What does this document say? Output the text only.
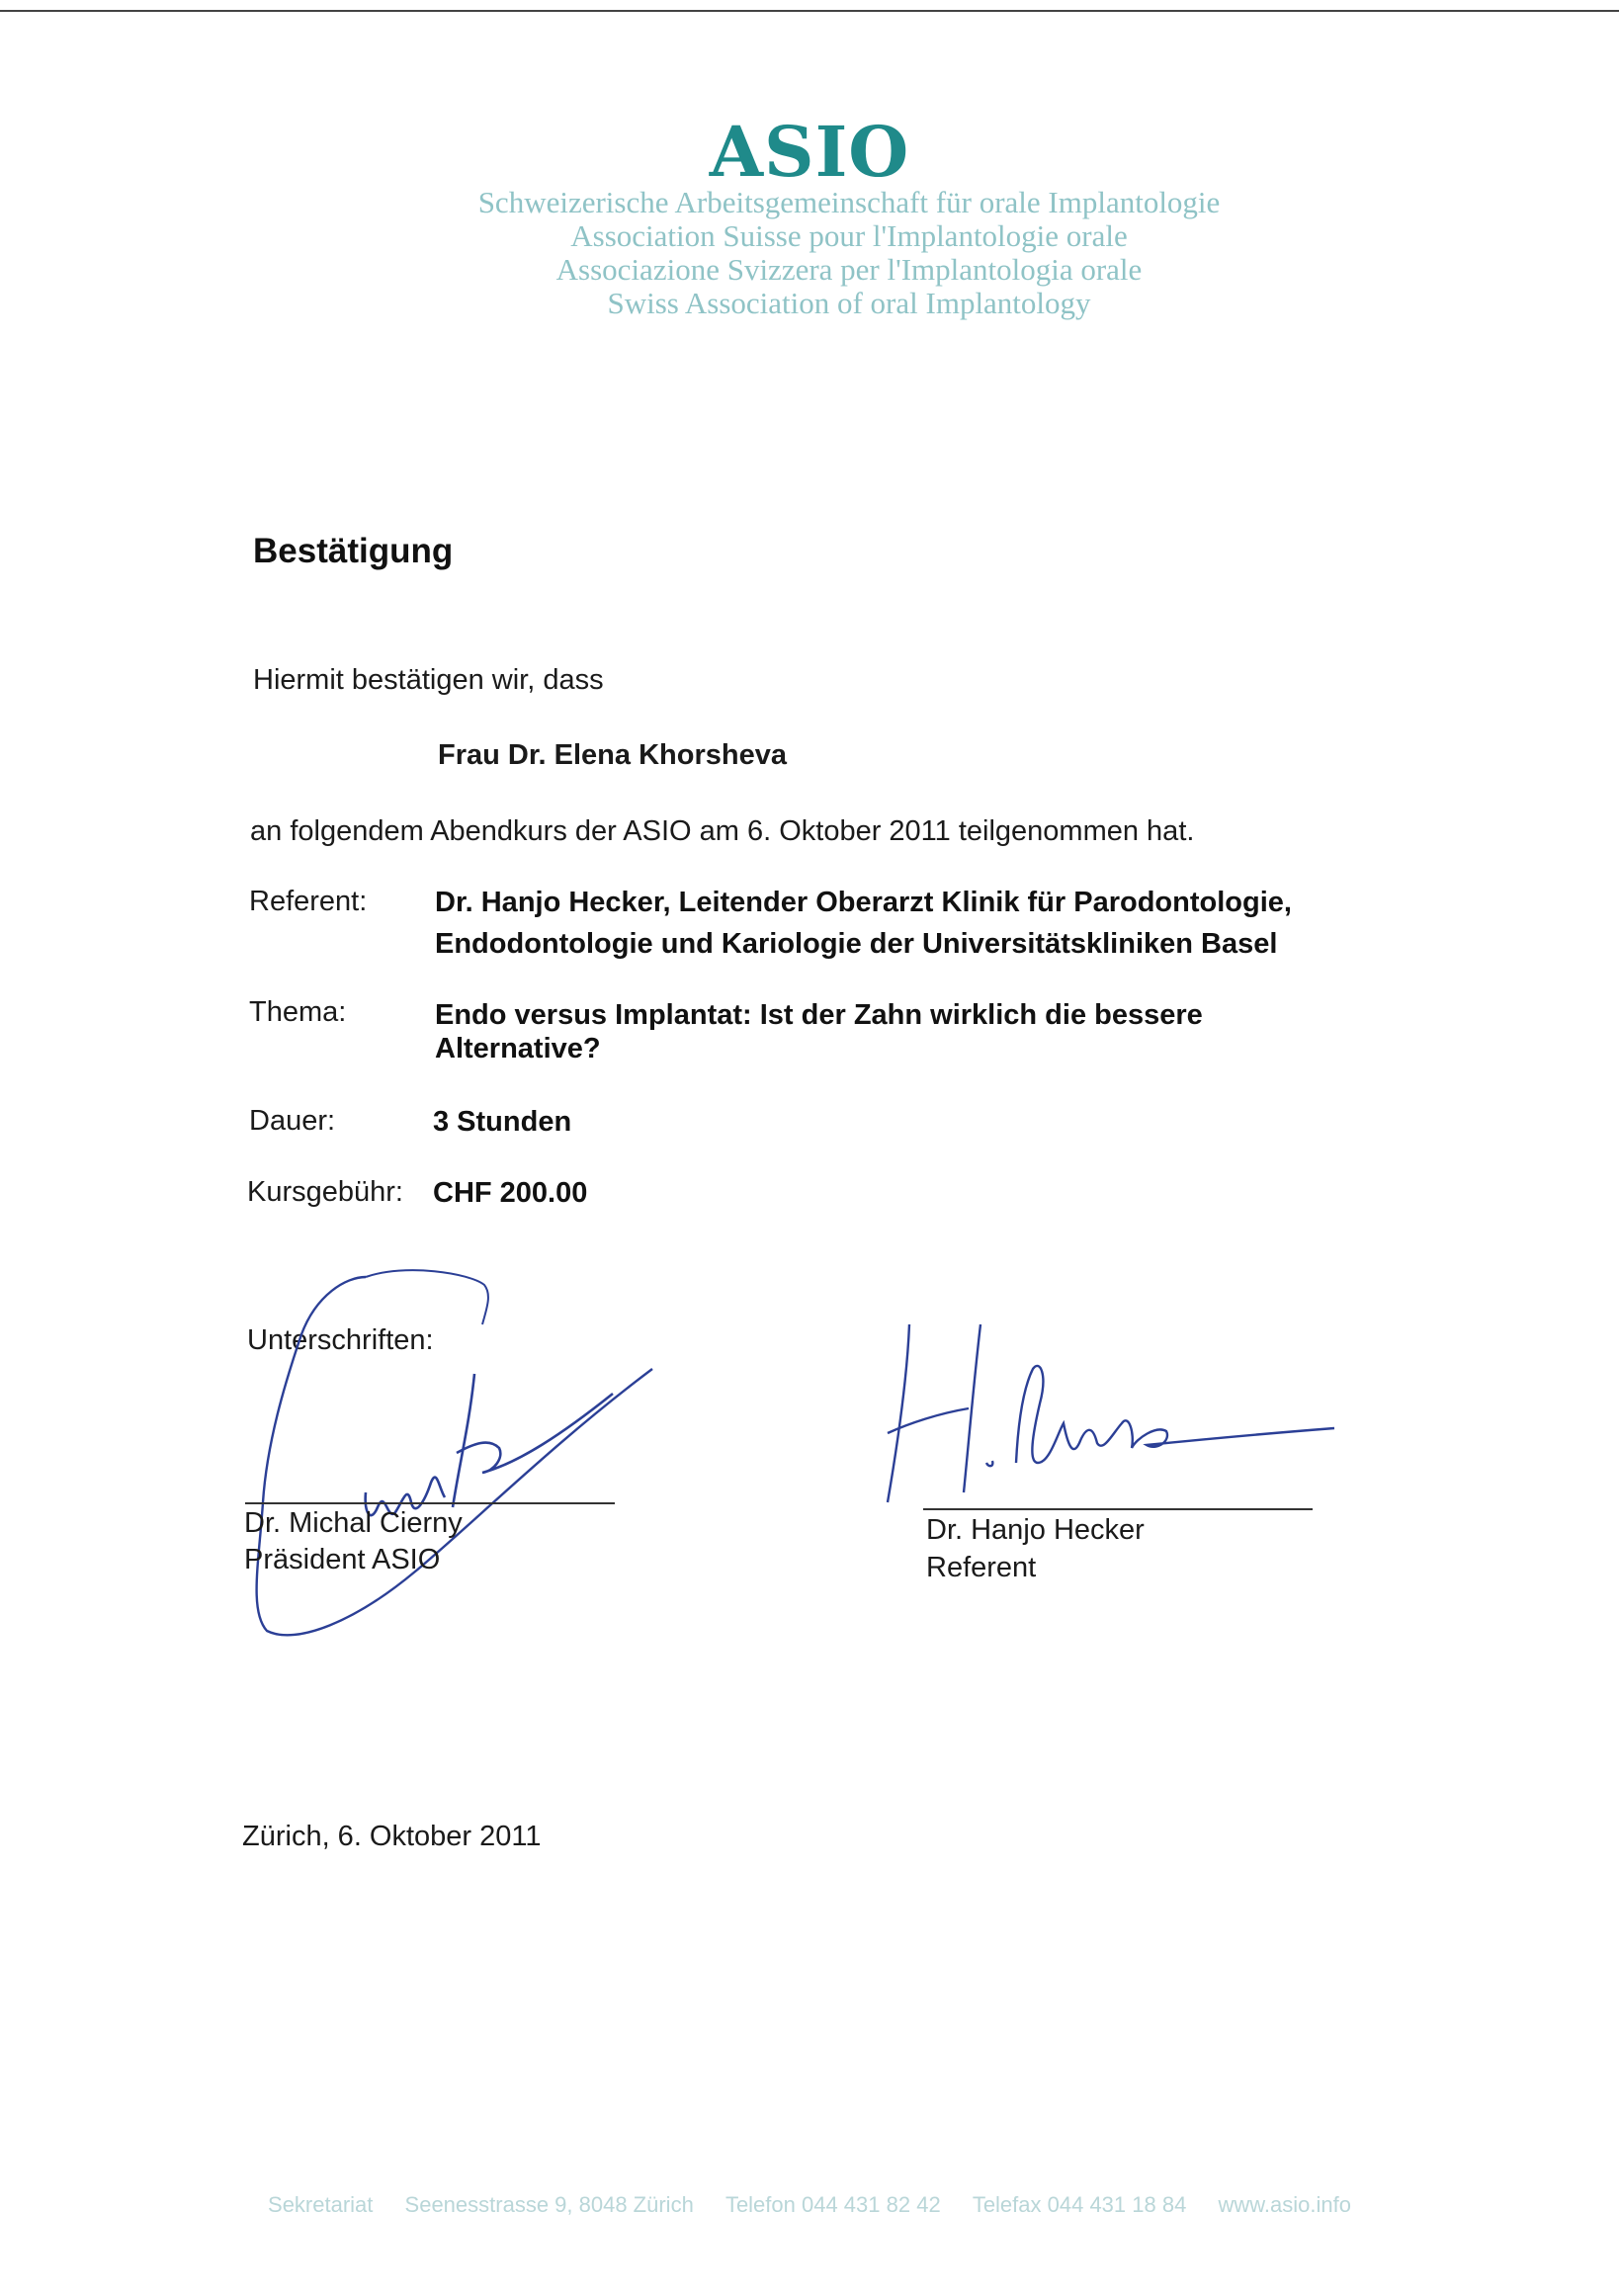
ASIO
Schweizerische Arbeitsgemeinschaft für orale Implantologie
Association Suisse pour l'Implantologie orale
Associazione Svizzera per l'Implantologia orale
Swiss Association of oral Implantology
Bestätigung
Hiermit bestätigen wir, dass
Frau Dr. Elena Khorsheva
an folgendem Abendkurs der ASIO am 6. Oktober 2011 teilgenommen hat.
Referent: Dr. Hanjo Hecker, Leitender Oberarzt Klinik für Parodontologie,
Endodontologie und Kariologie der Universitätskliniken Basel
Thema:	Endo versus Implantat: Ist der Zahn wirklich die bessere
Alternative?
Dauer:	3 Stunden
Kursgebühr: CHF 200.00
Unterschriften:
Dr. Michal Cierny
Präsident ASIO
Dr. Hanjo Hecker
Referent
Zürich, 6. Oktober 2011
Sekretariat Seenesstrasse 9, 8048 Zürich Telefon 044 431 82 42 Telefax 044 431 18 84 www.asio.info
